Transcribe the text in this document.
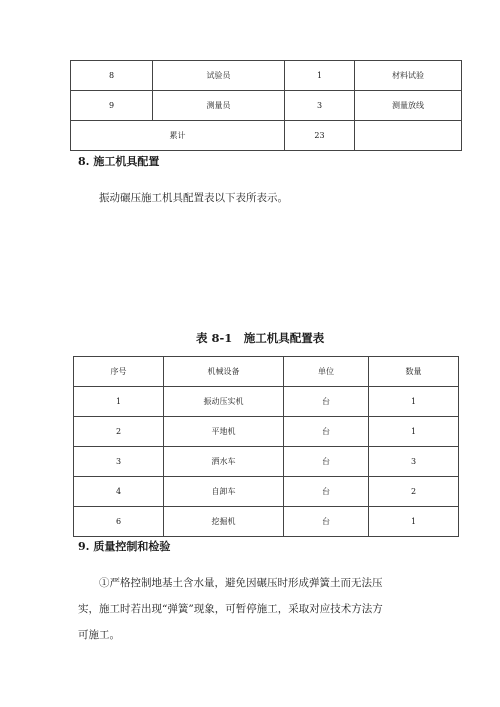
8	试验员	1	材料试验
9	测量员	3	测量放线
累计		23	
8. 施工机具配置
振动碾压施工机具配置表以下表所表示。
表 8-1　施工机具配置表
序号	机械设备	单位	数量
1	振动压实机	台	1
2	平地机	台	1
3	洒水车	台	3
4	自卸车	台	2
6	挖掘机	台	1
9. 质量控制和检验
①严格控制地基土含水量，避免因碾压时形成弹簧土而无法压
实，施工时若出现“弹簧”现象，可暂停施工，采取对应技术方法方
可施工。
